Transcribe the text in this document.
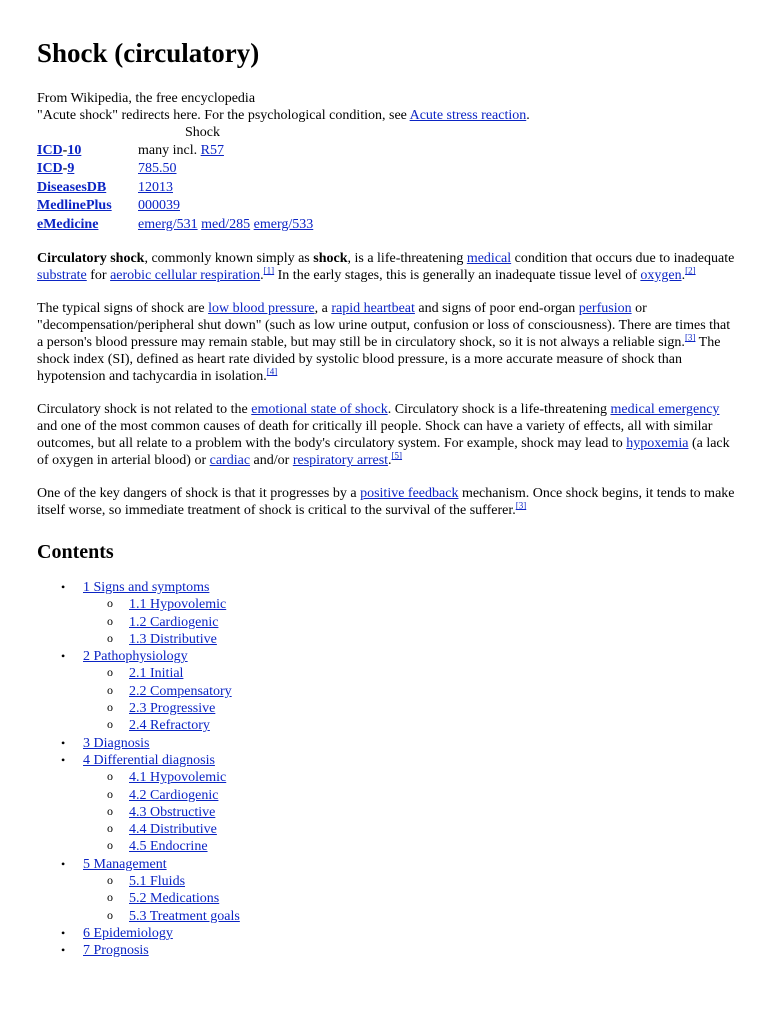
Shock (circulatory)
From Wikipedia, the free encyclopedia
"Acute shock" redirects here. For the psychological condition, see Acute stress reaction.
Shock
ICD-10	many incl. R57
ICD-9	785.50
DiseasesDB	12013
MedlinePlus	000039
eMedicine	emerg/531 med/285 emerg/533

Circulatory shock, commonly known simply as shock, is a life-threatening medical condition that occurs due to inadequate substrate for aerobic cellular respiration.[1] In the early stages, this is generally an inadequate tissue level of oxygen.[2]

The typical signs of shock are low blood pressure, a rapid heartbeat and signs of poor end-organ perfusion or "decompensation/peripheral shut down" (such as low urine output, confusion or loss of consciousness). There are times that a person's blood pressure may remain stable, but may still be in circulatory shock, so it is not always a reliable sign.[3] The shock index (SI), defined as heart rate divided by systolic blood pressure, is a more accurate measure of shock than hypotension and tachycardia in isolation.[4]

Circulatory shock is not related to the emotional state of shock. Circulatory shock is a life-threatening medical emergency and one of the most common causes of death for critically ill people. Shock can have a variety of effects, all with similar outcomes, but all relate to a problem with the body's circulatory system. For example, shock may lead to hypoxemia (a lack of oxygen in arterial blood) or cardiac and/or respiratory arrest.[5]

One of the key dangers of shock is that it progresses by a positive feedback mechanism. Once shock begins, it tends to make itself worse, so immediate treatment of shock is critical to the survival of the sufferer.[3]

Contents
• 1 Signs and symptoms
o 1.1 Hypovolemic
o 1.2 Cardiogenic
o 1.3 Distributive
• 2 Pathophysiology
o 2.1 Initial
o 2.2 Compensatory
o 2.3 Progressive
o 2.4 Refractory
• 3 Diagnosis
• 4 Differential diagnosis
o 4.1 Hypovolemic
o 4.2 Cardiogenic
o 4.3 Obstructive
o 4.4 Distributive
o 4.5 Endocrine
• 5 Management
o 5.1 Fluids
o 5.2 Medications
o 5.3 Treatment goals
• 6 Epidemiology
• 7 Prognosis
